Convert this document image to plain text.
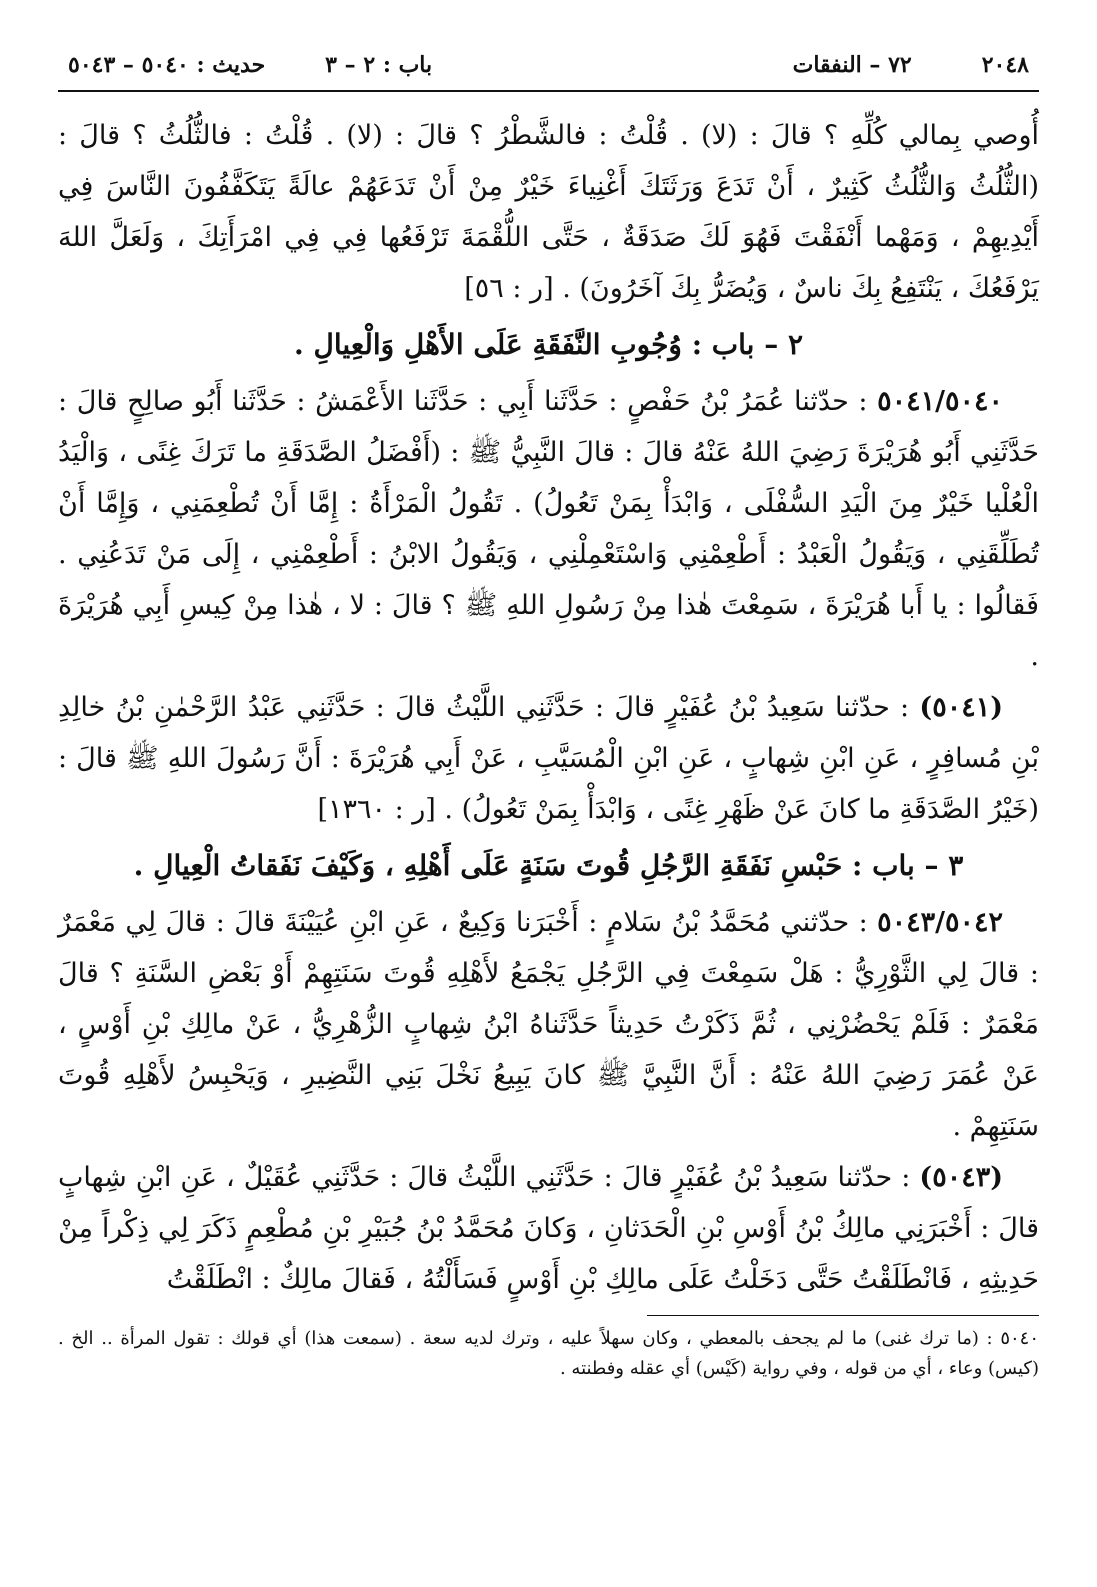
٢٠٤٨
٧٢ – النفقات
باب : ٢ – ٣
حديث : ٥٠٤٠ – ٥٠٤٣

أُوصي بِمالي كُلِّهِ ؟ قالَ : (لا) . قُلْتُ : فالشَّطْرُ ؟ قالَ : (لا) . قُلْتُ : فالثُّلُثُ ؟ قالَ : (الثُّلُثُ وَالثُّلُثُ كَثِيرٌ ، أَنْ تَدَعَ وَرَثَتَكَ أَغْنِياءَ خَيْرٌ مِنْ أَنْ تَدَعَهُمْ عالَةً يَتَكَفَّفُونَ النَّاسَ فِي أَيْدِيهِمْ ، وَمَهْما أَنْفَقْتَ فَهُوَ لَكَ صَدَقَةٌ ، حَتَّى اللُّقْمَةَ تَرْفَعُها فِي فِي امْرَأَتِكَ ، وَلَعَلَّ اللهَ يَرْفَعُكَ ، يَنْتَفِعُ بِكَ ناسٌ ، وَيُضَرُّ بِكَ آخَرُونَ) . [ر : ٥٦]

٢ – باب : وُجُوبِ النَّفَقَةِ عَلَى الأَهْلِ وَالْعِيالِ .

٥٠٤١/٥٠٤٠ : حدّثنا عُمَرُ بْنُ حَفْصٍ : حَدَّثَنا أَبِي : حَدَّثَنا الأَعْمَشُ : حَدَّثَنا أَبُو صالِحٍ قالَ : حَدَّثَنِي أَبُو هُرَيْرَةَ رَضِيَ اللهُ عَنْهُ قالَ : قالَ النَّبِيُّ ﷺ : (أَفْضَلُ الصَّدَقَةِ ما تَرَكَ غِنًى ، وَالْيَدُ الْعُلْيا خَيْرٌ مِنَ الْيَدِ السُّفْلَى ، وَابْدَأْ بِمَنْ تَعُولُ) . تَقُولُ الْمَرْأَةُ : إِمَّا أَنْ تُطْعِمَنِي ، وَإِمَّا أَنْ تُطَلِّقَنِي ، وَيَقُولُ الْعَبْدُ : أَطْعِمْنِي وَاسْتَعْمِلْنِي ، وَيَقُولُ الابْنُ : أَطْعِمْنِي ، إِلَى مَنْ تَدَعُنِي . فَقالُوا : يا أَبا هُرَيْرَةَ ، سَمِعْتَ هٰذا مِنْ رَسُولِ اللهِ ﷺ ؟ قالَ : لا ، هٰذا مِنْ كِيسِ أَبِي هُرَيْرَةَ .

(٥٠٤١) : حدّثنا سَعِيدُ بْنُ عُفَيْرٍ قالَ : حَدَّثَنِي اللَّيْثُ قالَ : حَدَّثَنِي عَبْدُ الرَّحْمٰنِ بْنُ خالِدِ بْنِ مُسافِرٍ ، عَنِ ابْنِ شِهابٍ ، عَنِ ابْنِ الْمُسَيَّبِ ، عَنْ أَبِي هُرَيْرَةَ : أَنَّ رَسُولَ اللهِ ﷺ قالَ : (خَيْرُ الصَّدَقَةِ ما كانَ عَنْ ظَهْرِ غِنًى ، وَابْدَأْ بِمَنْ تَعُولُ) . [ر : ١٣٦٠]

٣ – باب : حَبْسِ نَفَقَةِ الرَّجُلِ قُوتَ سَنَةٍ عَلَى أَهْلِهِ ، وَكَيْفَ نَفَقاتُ الْعِيالِ .

٥٠٤٣/٥٠٤٢ : حدّثني مُحَمَّدُ بْنُ سَلامٍ : أَخْبَرَنا وَكِيعٌ ، عَنِ ابْنِ عُيَيْنَةَ قالَ : قالَ لِي مَعْمَرٌ : قالَ لِي الثَّوْرِيُّ : هَلْ سَمِعْتَ فِي الرَّجُلِ يَجْمَعُ لأَهْلِهِ قُوتَ سَنَتِهِمْ أَوْ بَعْضِ السَّنَةِ ؟ قالَ مَعْمَرٌ : فَلَمْ يَحْضُرْنِي ، ثُمَّ ذَكَرْتُ حَدِيثاً حَدَّثَناهُ ابْنُ شِهابٍ الزُّهْرِيُّ ، عَنْ مالِكِ بْنِ أَوْسٍ ، عَنْ عُمَرَ رَضِيَ اللهُ عَنْهُ : أَنَّ النَّبِيَّ ﷺ كانَ يَبِيعُ نَخْلَ بَنِي النَّضِيرِ ، وَيَحْبِسُ لأَهْلِهِ قُوتَ سَنَتِهِمْ .

(٥٠٤٣) : حدّثنا سَعِيدُ بْنُ عُفَيْرٍ قالَ : حَدَّثَنِي اللَّيْثُ قالَ : حَدَّثَنِي عُقَيْلٌ ، عَنِ ابْنِ شِهابٍ قالَ : أَخْبَرَنِي مالِكُ بْنُ أَوْسِ بْنِ الْحَدَثانِ ، وَكانَ مُحَمَّدُ بْنُ جُبَيْرِ بْنِ مُطْعِمٍ ذَكَرَ لِي ذِكْراً مِنْ حَدِيثِهِ ، فَانْطَلَقْتُ حَتَّى دَخَلْتُ عَلَى مالِكِ بْنِ أَوْسٍ فَسَأَلْتُهُ ، فَقالَ مالِكٌ : انْطَلَقْتُ

٥٠٤٠ : (ما ترك غنى) ما لم يجحف بالمعطي ، وكان سهلاً عليه ، وترك لديه سعة . (سمعت هذا) أي قولك : تقول المرأة .. الخ . (كيس) وعاء ، أي من قوله ، وفي رواية (كَيْس) أي عقله وفطنته .
